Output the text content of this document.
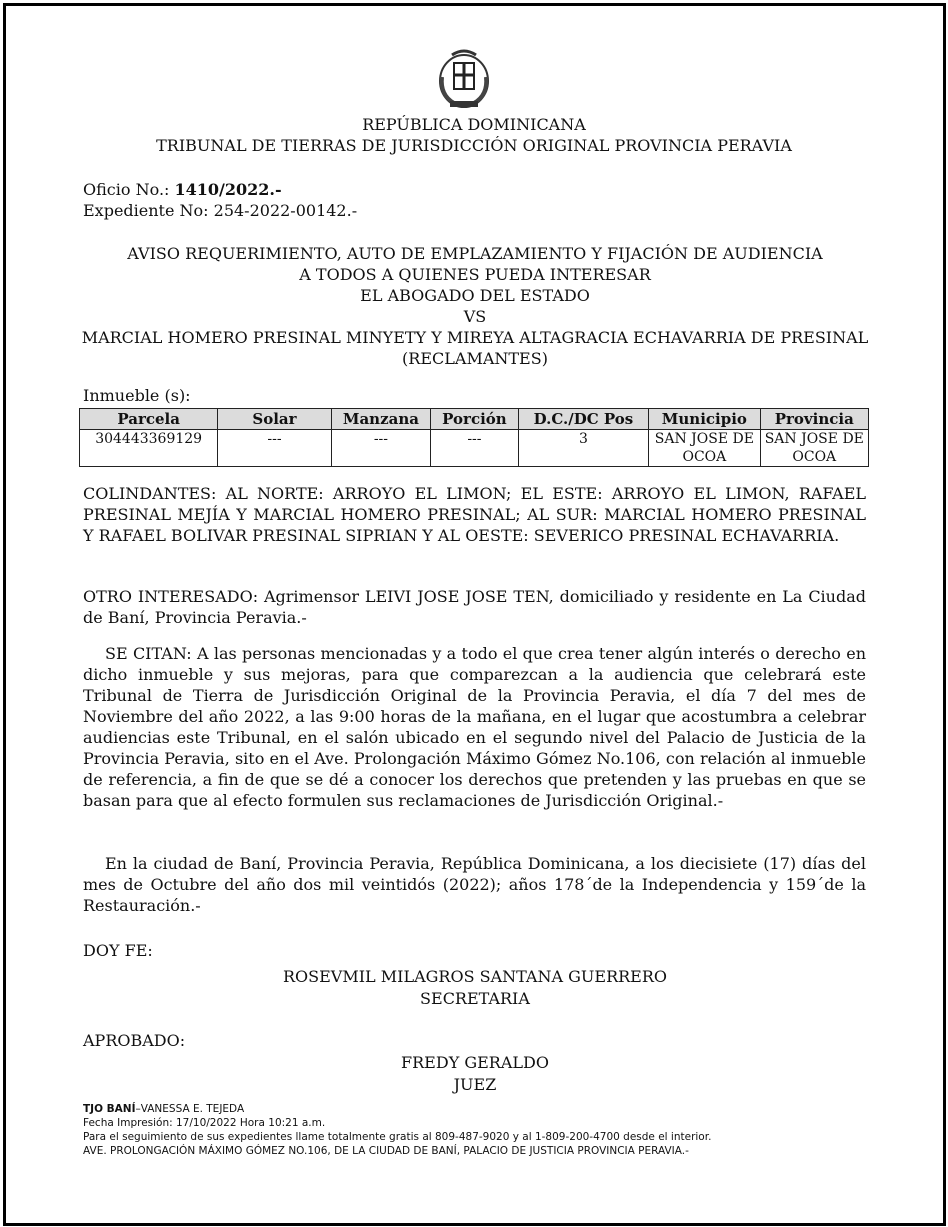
REPÚBLICA DOMINICANA
TRIBUNAL DE TIERRAS DE JURISDICCIÓN ORIGINAL PROVINCIA PERAVIA
Oficio No.: 1410/2022.-
Expediente No: 254-2022-00142.-
AVISO REQUERIMIENTO, AUTO DE EMPLAZAMIENTO Y FIJACIÓN DE AUDIENCIA
A TODOS A QUIENES PUEDA INTERESAR
EL ABOGADO DEL ESTADO
VS
MARCIAL HOMERO PRESINAL MINYETY Y MIREYA ALTAGRACIA ECHAVARRIA DE PRESINAL (RECLAMANTES)
Inmueble (s):
Parcela	Solar	Manzana	Porción	D.C./DC Pos	Municipio	Provincia
304443369129	---	---	---	3	SAN JOSE DE OCOA	SAN JOSE DE OCOA
COLINDANTES: AL NORTE: ARROYO EL LIMON; EL ESTE: ARROYO EL LIMON, RAFAEL PRESINAL MEJÍA Y MARCIAL HOMERO PRESINAL; AL SUR: MARCIAL HOMERO PRESINAL Y RAFAEL BOLIVAR PRESINAL SIPRIAN Y AL OESTE: SEVERICO PRESINAL ECHAVARRIA.
OTRO INTERESADO: Agrimensor LEIVI JOSE JOSE TEN, domiciliado y residente en La Ciudad de Baní, Provincia Peravia.-
SE CITAN: A las personas mencionadas y a todo el que crea tener algún interés o derecho en dicho inmueble y sus mejoras, para que comparezcan a la audiencia que celebrará este Tribunal de Tierra de Jurisdicción Original de la Provincia Peravia, el día 7 del mes de Noviembre del año 2022, a las 9:00 horas de la mañana, en el lugar que acostumbra a celebrar audiencias este Tribunal, en el salón ubicado en el segundo nivel del Palacio de Justicia de la Provincia Peravia, sito en el Ave. Prolongación Máximo Gómez No.106, con relación al inmueble de referencia, a fin de que se dé a conocer los derechos que pretenden y las pruebas en que se basan para que al efecto formulen sus reclamaciones de Jurisdicción Original.-
En la ciudad de Baní, Provincia Peravia, República Dominicana, a los diecisiete (17) días del mes de Octubre del año dos mil veintidós (2022); años 178´de la Independencia y 159´de la Restauración.-
DOY FE:
ROSEVMIL MILAGROS SANTANA GUERRERO
SECRETARIA
APROBADO:
FREDY GERALDO
JUEZ
TJO BANÍ–VANESSA E. TEJEDA
Fecha Impresión: 17/10/2022 Hora 10:21 a.m.
Para el seguimiento de sus expedientes llame totalmente gratis al 809-487-9020 y al 1-809-200-4700 desde el interior.
AVE. PROLONGACIÓN MÁXIMO GÓMEZ NO.106, DE LA CIUDAD DE BANÍ, PALACIO DE JUSTICIA PROVINCIA PERAVIA.-
